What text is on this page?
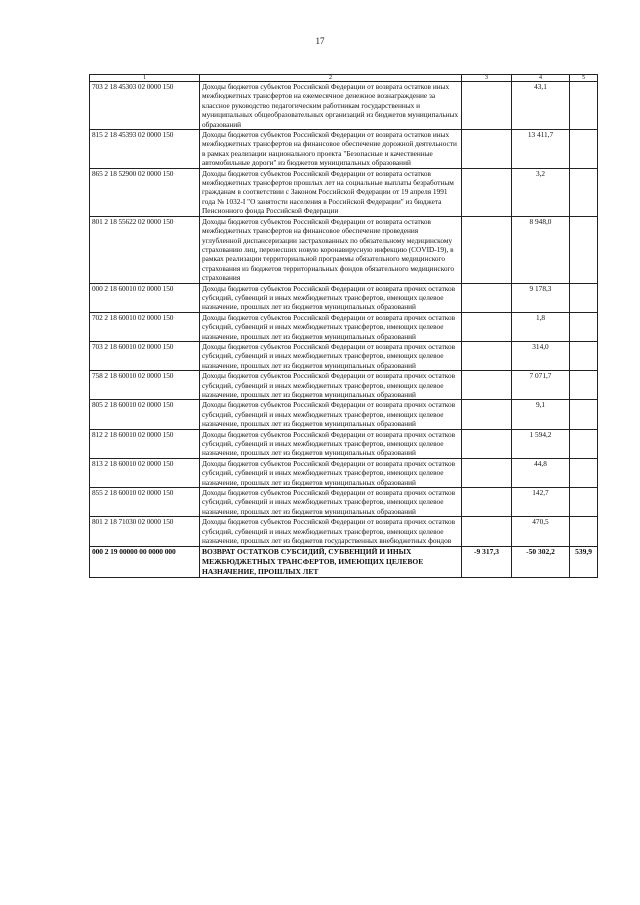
17
1	2	3	4	5
703 2 18 45303 02 0000 150	Доходы бюджетов субъектов Российской Федерации от возврата остатков иных межбюджетных трансфертов на ежемесячное денежное вознаграждение за классное руководство педагогическим работникам государственных и муниципальных общеобразовательных организаций из бюджетов муниципальных образований		43,1	
815 2 18 45393 02 0000 150	Доходы бюджетов субъектов Российской Федерации от возврата остатков иных межбюджетных трансфертов на финансовое обеспечение дорожной деятельности в рамках реализации национального проекта "Безопасные и качественные автомобильные дороги" из бюджетов муниципальных образований		13 411,7	
865 2 18 52900 02 0000 150	Доходы бюджетов субъектов Российской Федерации от возврата остатков межбюджетных трансфертов прошлых лет на социальные выплаты безработным гражданам в соответствии с Законом Российской Федерации от 19 апреля 1991 года № 1032-I "О занятости населения в Российской Федерации" из бюджета Пенсионного фонда Российской Федерации		3,2	
801 2 18 55622 02 0000 150	Доходы бюджетов субъектов Российской Федерации от возврата остатков межбюджетных трансфертов на финансовое обеспечение проведения углубленной диспансеризации застрахованных по обязательному медицинскому страхованию лиц, перенесших новую коронавирусную инфекцию (COVID-19), в рамках реализации территориальной программы обязательного медицинского страхования из бюджетов территориальных фондов обязательного медицинского страхования		8 948,0	
000 2 18 60010 02 0000 150	Доходы бюджетов субъектов Российской Федерации от возврата прочих остатков субсидий, субвенций и иных межбюджетных трансфертов, имеющих целевое назначение, прошлых лет из бюджетов муниципальных образований		9 178,3	
702 2 18 60010 02 0000 150	Доходы бюджетов субъектов Российской Федерации от возврата прочих остатков субсидий, субвенций и иных межбюджетных трансфертов, имеющих целевое назначение, прошлых лет из бюджетов муниципальных образований		1,8	
703 2 18 60010 02 0000 150	Доходы бюджетов субъектов Российской Федерации от возврата прочих остатков субсидий, субвенций и иных межбюджетных трансфертов, имеющих целевое назначение, прошлых лет из бюджетов муниципальных образований		314,0	
758 2 18 60010 02 0000 150	Доходы бюджетов субъектов Российской Федерации от возврата прочих остатков субсидий, субвенций и иных межбюджетных трансфертов, имеющих целевое назначение, прошлых лет из бюджетов муниципальных образований		7 071,7	
805 2 18 60010 02 0000 150	Доходы бюджетов субъектов Российской Федерации от возврата прочих остатков субсидий, субвенций и иных межбюджетных трансфертов, имеющих целевое назначение, прошлых лет из бюджетов муниципальных образований		9,1	
812 2 18 60010 02 0000 150	Доходы бюджетов субъектов Российской Федерации от возврата прочих остатков субсидий, субвенций и иных межбюджетных трансфертов, имеющих целевое назначение, прошлых лет из бюджетов муниципальных образований		1 594,2	
813 2 18 60010 02 0000 150	Доходы бюджетов субъектов Российской Федерации от возврата прочих остатков субсидий, субвенций и иных межбюджетных трансфертов, имеющих целевое назначение, прошлых лет из бюджетов муниципальных образований		44,8	
855 2 18 60010 02 0000 150	Доходы бюджетов субъектов Российской Федерации от возврата прочих остатков субсидий, субвенций и иных межбюджетных трансфертов, имеющих целевое назначение, прошлых лет из бюджетов муниципальных образований		142,7	
801 2 18 71030 02 0000 150	Доходы бюджетов субъектов Российской Федерации от возврата прочих остатков субсидий, субвенций и иных межбюджетных трансфертов, имеющих целевое назначение, прошлых лет из бюджетов государственных внебюджетных фондов		470,5	
000 2 19 00000 00 0000 000	ВОЗВРАТ ОСТАТКОВ СУБСИДИЙ, СУБВЕНЦИЙ И ИНЫХ МЕЖБЮДЖЕТНЫХ ТРАНСФЕРТОВ, ИМЕЮЩИХ ЦЕЛЕВОЕ НАЗНАЧЕНИЕ, ПРОШЛЫХ ЛЕТ	-9 317,3	-50 302,2	539,9
